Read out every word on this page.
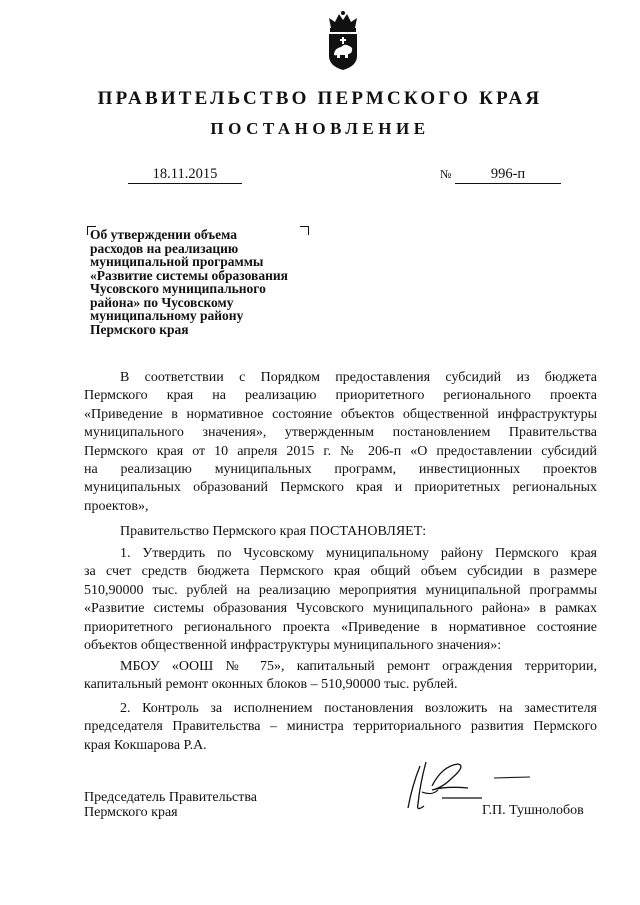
ПРАВИТЕЛЬСТВО ПЕРМСКОГО КРАЯ
ПОСТАНОВЛЕНИЕ
18.11.2015	№	996-п
Об утверждении объема
расходов на реализацию
муниципальной программы
«Развитие системы образования
Чусовского муниципального
района» по Чусовскому
муниципальному району
Пермского края
В соответствии с Порядком предоставления субсидий из бюджета
Пермского края на реализацию приоритетного регионального проекта
«Приведение в нормативное состояние объектов общественной инфраструктуры
муниципального значения», утвержденным постановлением Правительства
Пермского края от 10 апреля 2015 г. № 206-п «О предоставлении субсидий
на реализацию муниципальных программ, инвестиционных проектов
муниципальных образований Пермского края и приоритетных региональных
проектов»,
Правительство Пермского края ПОСТАНОВЛЯЕТ:
1. Утвердить по Чусовскому муниципальному району Пермского края
за счет средств бюджета Пермского края общий объем субсидии в размере
510,90000 тыс. рублей на реализацию мероприятия муниципальной программы
«Развитие системы образования Чусовского муниципального района» в рамках
приоритетного регионального проекта «Приведение в нормативное состояние
объектов общественной инфраструктуры муниципального значения»:
МБОУ «ООШ № 75», капитальный ремонт ограждения территории,
капитальный ремонт оконных блоков – 510,90000 тыс. рублей.
2. Контроль за исполнением постановления возложить на заместителя
председателя Правительства – министра территориального развития Пермского
края Кокшарова Р.А.
Председатель Правительства
Пермского края	Г.П. Тушнолобов
